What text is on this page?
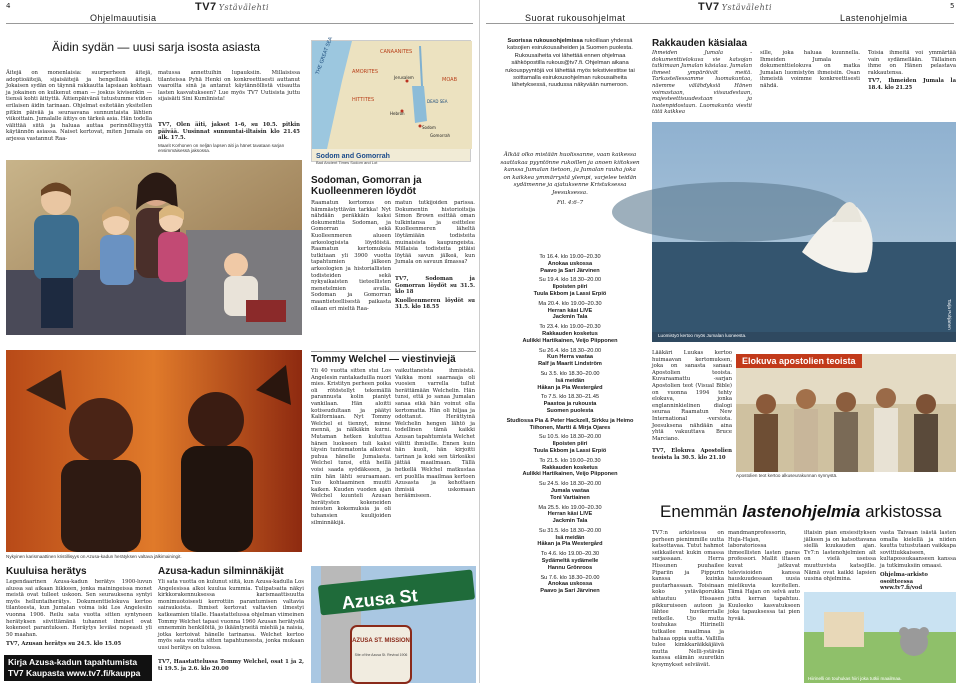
4	TV7 Ystävälehti
Ohjelmauutisia
Äidin sydän — uusi sarja isosta asiasta
Äitejä on monenlaisia: suurperheen äitejä, adoptioäitejä, sijaisäitejä ja hengellisiä äitejä. Jokaisen sydän on täynnä rakkautta lapsiaan kohtaan ja jokainen on kulkenut oman — joskus kivisenkin — tiensä kohti äitiyttä. Äitienpäivänä tutustumme viiden erilaisen äidin tarinaan. Ohjelmat esitetään yksitellen pitkin päivää ja seuraavana sunnuntaista lähtien viikoittain. Jumalalle äitiys on tärkeä asia. Hän todella välittää siitä ja haluaa auttaa perinnöllisyyttä käytännön asiassa. Naiset kertovat, miten Jumala on arjessa vastannut Raa-
matussa annettuihin lupauksiin. Millaisissa tilanteissa Pyhä Henki on konkreettisesti auttanut vaaroilta sinä ja antanut käytännöllistä viisautta lasten kasvatukseen? Lue myös TV7 Uutisista juttu sijaisäiti Sini Kumlinista!
TV7, Olen äiti, jaksot 1–6, su 10.5. pitkin päivää. Uusinnat sunnuntai-iltaisin klo 21.45 alk. 17.5.
Maarit Korhonen on neljän lapsen äiti ja hänet tavataan sarjan ensimmäisessä jaksossa.
Nykyinen karismaattinen kristillisyys on Azusa-kadun herätyksen valtava jälkimainingit.
Kuuluisa herätys
Legendaarinen Azusa-kadun herätys 1900-luvun alussa sai aikaan liikkeen, jonka mainingeissa monet meistä ovat tulleet uskoon. Sen seurauksena syntyi myös helluntaiherätys. Dokumenttielokuva kertoo tilanteesta, kun Jumalan voima iski Los Angelesiin vuonna 1906. Reilu sata vuotta sitten syntyneen herätyksen siivittämänä tuhannet ihmiset ovat kokeneet parantuksen. Heräytys leviäsi nopeasti yli 50 maahan.
TV7, Azusan herätys su 24.5. klo 15.05
Kirja Azusa-kadun tapahtumista
TV7 Kaupasta www.tv7.fi/kauppa
Azusa-kadun silminnäkijät
Yli sata vuotta on kulunut siitä, kun Azusa-kadulla Los Angelesissa alkoi kuulua kummia. Tulipatsaita näkyi kirkkorakennuksessa karismaattisuutta monimuotoisesti kerrottiin parantumisen valtavia sairauksista. Ihmiset kertovat valtavien ilmestyi katkeamien tilalle. Haastattelussa ohjelman viimeinen Tommy Welchet tapasi vuonna 1960 Azusan herätystä ennemmin henkilöitä, jo ikääntyneitä miehiä ja naisia, jotka kertoivat hänelle tarinansa. Welchet kertoo myös sata vuotta sitten tapahtuneesta, jonka mukaan uusi herätys on tulossa.
TV7, Haastattelussa Tommy Welchel, osat 1 ja 2, ti 19.5. ja 2.6. klo 20.00
THE GREAT SEA	CANAANITES
HITTITES
AMORITES
Jerusalem
DEAD SEA
Sodom
Hebron
Gomorrah
MOAB
Sodom and Gomorrah
Bad Ancient Times Sodom and Lot
Sodoman, Gomorran ja Kuolleenmeren löydöt
Raamatun kertomus on hämmästyttävän tarkka! Nyt nähdään peräkkäin kaksi dokumenttia Sodoman, ja Gomorran sekä Kuolleenmeren alueen arkeologisista löydöistä. Raamatun kertomuksia tutkitaan yli 3900 vuotta tapahtumien jälkeen arkeologien ja historiallisten todisteiden sekä nykyaikaisten tieteellisten menetelmien avulla. Sodoman ja Gomorran maantieteellisestä paikasta ollaan eri mieltä Raa-
matun tutkijoiden parissa. Dokumentin historioitsija Simon Brown esittää oman tulkintansa ja esittelee Kuolleenmeren läheltä löytämiään todisteita muinaisista kaupungeista. Millaisia todisteita pitäisi löytää savun jälkeä, kun Jumala on savuun ilmassa?
TV7, Sodoman ja Gomorran löydöt su 31.5. klo 18
Kuolleenmeren löydöt su 31.5. klo 18.55
Tommy Welchel — viestinviejä
Yli 40 vuotta sitten stui Los Angelesin rantakaduilla nuori mies. Kristityn perheen poika oli rötöstellyt tekemällä parannusta kolin pianiyt vankilaan. Hän aloitti kotiseudultaan ja päätyi Kaliforniaan. Nyt Tommy Welchel ei tiennyt, minne mennä, ja nälkäkin kurni. Mutaman hetken kuluttua hänen luokseen tuli kaksi täysin tuntematonta alkoivat puhua hänelle Jumalasta. Welchel tunsi, että heillä voisi saada syödäkseen, ja niin hän lähti seuraamaan. Tuo kohtaaminen muutti kaiken. Kuuden vuoden ajan Welchel kuunteli Azusan herätysten kokeneiden miesten kokemuksia ja oli tuhansien kuulijoiden silminnäkijä.
vaikuttaneista ihmisistä. Vaikka moni saarnaaja oli vuosien varrella tullut herättämään Welchelin. Hän tunsi, että jo sanaa Jumalan sanaa eikä hän voinut olla kertomatta. Hän oli hiljaa ja odottanut. Herättyinä Welchelin hengen lähtö ja todellinen tämä kaikki Azusan tapahtumista Welchet välitti ihmisille. Ennen kuin hän kuoli, hän kirjoitti tarinan ja koki sen tärkeäksi jättää maailmaan. Tällä hetkellä Welchel matkustaa eri puolilla maailmaa kertoen Azusasta ja kehottaen ihmisiä uskomaan heräämiseen.
Azusa St
AZUSA ST. MISSION
Site of the Azusa St. Revival 1906
TV7 Ystävälehti	5
Suorat rukousohjelmat	Lastenohjelmia
Suorissa rukousohjelmissa rukoillaan yhdessä katsojien esirukousaiheiden ja Suomen puolesta. Rukousaiheita voi lähettää ennen ohjelmaa sähköpostilla rukous@tv7.fi. Ohjelman aikana rukouspyyntöjä voi lähettää myös tekstiviestitse tai soittamalla esirukousohjelman rukousaiheita lähetyksessä, ruudussa näkyvään numeroon.
Älkää olko mistään huolissanne, vaan kaikessa saattakaa pyyntönne rukoillen ja anoen kiitoksen kanssa Jumalan tietoon, ja Jumalan rauha joka on kaikkea ymmärrystä ylempi, varjelee teidän sydämenne ja ajatuksenne Kristuksessa Jeesuksessa.
Fil. 4:6–7
To 16.4. klo 19.00–20.30
Anokaa uskossa
Paavo ja Sari Järvinen
Su 19.4. klo 18.30–20.00
Ilpoisten piiri
Tuula Ekbom ja Lassi Erpiö
Ma 20.4. klo 19.00–20.30
Herran käsi LIVE
Jackmin Tala
To 23.4. klo 19.00–20.30
Rakkauden kosketus
Aulikki Hartikainen, Veijo Piipponen
Su 26.4. klo 18.30–20.00
Kun Herra vastaa
Ralf ja Maarit Lindström
Su 3.5. klo 18.30–20.00
Isä meidän
Håkan ja Pia Westergård
To 7.5. klo 18.30–21.45
Paastoa ja rukousta
Suomen puolesta
Studiossa Pia & Peter Hackzell, Sirkku ja Heimo Tiihonen, Martti & Mirja Ojares
Su 10.5. klo 18.30–20.00
Ilpoisten piiri
Tuula Ekbom ja Lassi Erpiö
To 21.5. klo 19.00–20.30
Rakkauden kosketus
Aulikki Hartikainen, Veijo Piipponen
Su 24.5. klo 18.30–20.00
Jumala vastaa
Toni Vartiainen
Ma 25.5. klo 19.00–20.30
Herran käsi LIVE
Jackmin Tala
Su 31.5. klo 18.30–20.00
Isä meidän
Håkan ja Pia Westergård
To 4.6. klo 19.00–20.30
Sydämeltä sydämelle
Hannu Grönroos
Su 7.6. klo 18.30–20.00
Anokaa uskossa
Paavo ja Sari Järvinen
Rakkauden käsialaa
Ihmeiden Jumala -dokumenttielokuva vie katsojan tutkimaan Jumalan käsialaa. Jumalan ihmeet ympäröivät meitä. Tarkastellessamme luomakuntaa, näemme välähdyksiä Hänen voimastaan, viisaudestaan, majesteettisuudestaan ja luotenpidostaan. Luomakunta viestii tätä kaikkea
sille, joka haluaa kuunnella. Ihmeiden Jumala -dokumenttielokuva on matka Jumalan luomistyön ihmeisiin. Osan ihmeistä voimme konkreettisesti nähdä.
Toisia ihmeitä voi ymmärtää vain sydämellään. Tällainen ihme on Hänen pelastava rakkautensa.
TV7, Ihmeiden Jumala la 18.4. klo 21.25
Luomistyö kertoo myös Jumalan luoneesta.
Tarja Pohjanen
Lääkäri Luukas kertoo huimaavan kertomuksen, joka on sanasta sanaan Apostolien teoista. Kuvaraamattu -sarjan Apostolien teot (Visual Bible) on vuonna 1994 tehty elokuva, jonka englanninkielinen dialogi seuraa Raamatun New International -versiota. Jeesuksena nähdään aina yhtä vakuuttava Bruce Marciano.
TV7, Elokuva Apostolien teoista la 30.5. klo 21.10
Elokuva apostolien teoista
Apostolien teot kertoo alkuseurakunnan synnystä.
Enemmän lastenohjelmia arkistossa
TV7:n arkistossa on perheen pienimmille uutta katsottavaa. Tutut hahmot seikkailevat kukin omassa sarjassaan. Herra Hissunen puuhailee Pipariin ja Pippurin kanssa kuinka puutarhassaan. Toisinaan koko ystäväporukka ahtautuu Hissasen pikkuruiseen autoon ja lähtee huvikerrialle retkelle. Ujo mutta touhukas Hiirinelli tutkailee maailmaa ja haluaa oppia uutta. Vallilla tulee kimkkaräikkäjäivä mutta Nelli-ystävän kanssa elämän suuretkin kysymykset selviävät.
mandmanprofessorin, Huja-Hajan, laboratoriossa ihmeellisten lasten paras professori. Mallit iltasen kuvat jatkuvat televisioiden kanssa hauskuudessaan uusia mielikuvia kuvitellen. Tämä Hajan on selvä auto juttu kerran tapahtuu. Kuuleeko kasvatukseen joka tapauksessa tai pien hyvää.
iltaisin pian ensiesityksen jälkeen ja on katsottavana siellä kuukauden ajan. Tv7:n lastenohjelmien alt on vielä useissa muuttuvista katsojille. Nämä ovat kaikki lapsien uusina ohjelmina.
vasta Taivaan isästä lasten omalla kielellä ja niiden kautta tutustutaan vaikkapa sovittiukkaiseen, kultapossukaanseen kanssa ja tutkimuksiin omaasi.
Ohjelma-arkisto osoitteessa www.tv7.fi/vod
Hiirinelli on touhukas hiiri joka tutkii maailmaa.
